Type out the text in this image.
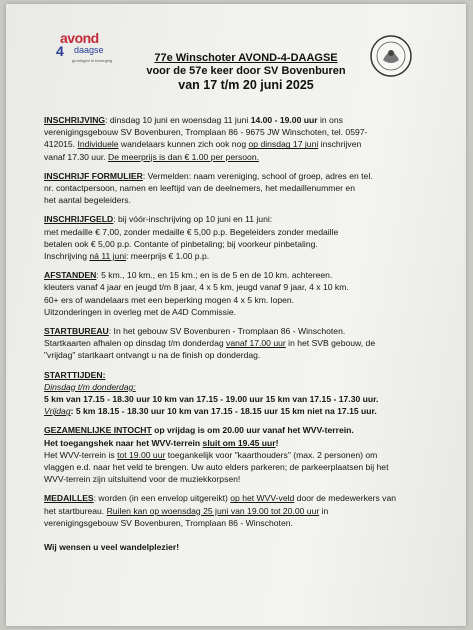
avond
4 daagse
groningen in beweging	77e Winschoter AVOND-4-DAAGSE
voor de 57e keer door SV Bovenburen
van 17 t/m 20 juni 2025

INSCHRIJVING: dinsdag 10 juni en woensdag 11 juni 14.00 - 19.00 uur in ons

verenigingsgebouw SV Bovenburen, Tromplaan 86 - 9675 JW Winschoten, tel. 0597-

412015. Individuele wandelaars kunnen zich ook nog op dinsdag 17 juni inschrijven

vanaf 17.30 uur. De meerprijs is dan € 1.00 per persoon.

INSCHRIJF FORMULIER: Vermelden: naam vereniging, school of groep, adres en tel.

nr. contactpersoon, namen en leeftijd van de deelnemers, het medaillenummer en

het aantal begeleiders.

INSCHRIJFGELD: bij vóór-inschrijving op 10 juni en 11 juni:

met medaille € 7,00, zonder medaille € 5,00 p.p. Begeleiders zonder medaille

betalen ook € 5,00 p.p. Contante of pinbetaling; bij voorkeur pinbetaling.

Inschrijving ná 11 juni: meerprijs € 1.00 p.p.

AFSTANDEN: 5 km., 10 km., en 15 km.; en is de 5 en de 10 km. achtereen.

kleuters vanaf 4 jaar en jeugd t/m 8 jaar, 4 x 5 km, jeugd vanaf 9 jaar, 4 x 10 km.

60+ ers of wandelaars met een beperking mogen 4 x 5 km. lopen.

Uitzonderingen in overleg met de A4D Commissie.

STARTBUREAU: In het gebouw SV Bovenburen - Tromplaan 86 - Winschoten.

Startkaarten afhalen op dinsdag t/m donderdag vanaf 17.00 uur in het SVB gebouw, de

"vrijdag" startkaart ontvangt u na de finish op donderdag.

STARTTIJDEN:

Dinsdag t/m donderdag:

5 km van 17.15 - 18.30 uur 10 km van 17.15 - 19.00 uur 15 km van 17.15 - 17.30 uur.

Vrijdag: 5 km 18.15 - 18.30 uur 10 km van 17.15 - 18.15 uur 15 km niet na 17.15 uur.

GEZAMENLIJKE INTOCHT op vrijdag is om 20.00 uur vanaf het WVV-terrein.

Het toegangshek naar het WVV-terrein sluit om 19.45 uur!

Het WVV-terrein is tot 19.00 uur toegankelijk voor "kaarthouders" (max. 2 personen) om

vlaggen e.d. naar het veld te brengen. Uw auto elders parkeren; de parkeerplaatsen bij het

WVV-terrein zijn uitsluitend voor de muziekkorpsen!

MEDAILLES: worden (in een envelop uitgereikt) op het WVV-veld door de medewerkers van

het startbureau. Ruilen kan op woensdag 25 juni van 19.00 tot 20.00 uur in

verenigingsgebouw SV Bovenburen, Tromplaan 86 - Winschoten.

Wij wensen u veel wandelplezier!
